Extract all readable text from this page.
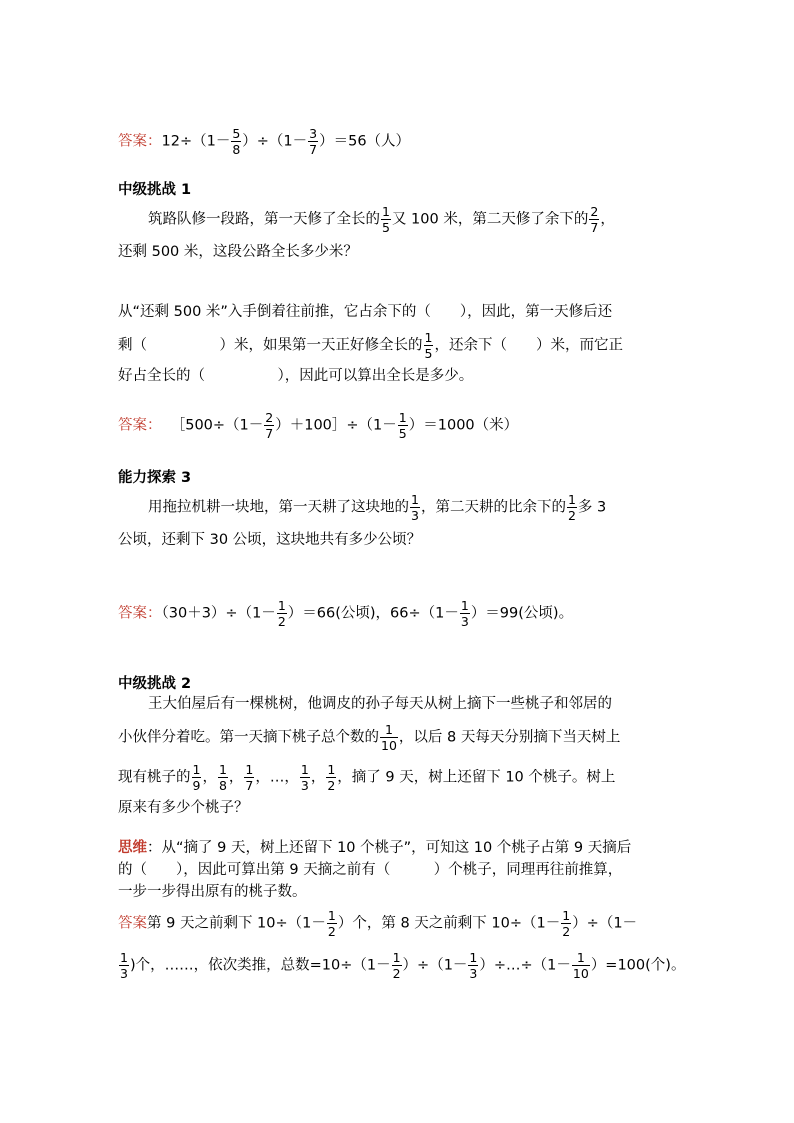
答案：$12\div(1- \frac{5}{8} )\div(1- \frac{3}{7} )=56$（人）
中级挑战 1
筑路队修一段路，第一天修了全长的 $\frac{1}{5}$ 又 100 米，第二天修了余下的 $\frac{2}{7}$ ，
还剩 500 米，这段公路全长多少米？
从“还剩 500 米”入手倒着往前推，它占余下的（　　），因此，第一天修后还
剩（　　　　　）米，如果第一天正好修全长的 $\frac{1}{5}$ ，还余下（　　）米，而它正
好占全长的（　　　　　），因此可以算出全长是多少。
答案： ［500÷（1－ $\frac{2}{7}$ ）＋100］÷（1－ $\frac{1}{5} )=1000$（米）
能力探索 3
用拖拉机耕一块地，第一天耕了这块地的 $\frac{1}{3}$ ，第二天耕的比余下的 $\frac{1}{2}$ 多 3
公顷，还剩下 30 公顷，这块地共有多少公顷？
答案：$(30+3)\div(1- \frac{1}{2} )=66$(公顷)，$66\div(1- \frac{1}{3} )=99$(公顷)。
中级挑战 2
王大伯屋后有一棵桃树，他调皮的孙子每天从树上摘下一些桃子和邻居的
小伙伴分着吃。第一天摘下桃子总个数的 $\frac{1}{10}$ ，以后 8 天每天分别摘下当天树上
现有桃子的 $\frac{1}{9}$ ， $\frac{1}{8}$ ， $\frac{1}{7}$ ，…， $\frac{1}{3}$ ， $\frac{1}{2}$ ，摘了 9 天，树上还留下 10 个桃子。树上
原来有多少个桃子？
思维：从“摘了 9 天，树上还留下 10 个桃子”，可知这 10 个桃子占第 9 天摘后
的（　　），因此可算出第 9 天摘之前有（　　　）个桃子，同理再往前推算，
一步一步得出原有的桃子数。
答案第 9 天之前剩下 $10\div(1- \frac{1}{2}$ ）个，第 8 天之前剩下 $10\div(1- \frac{1}{2} )\div(1-$
$\frac{1}{3}$ )个，……，依次类推，总数$=10\div(1- \frac{1}{2} )\div(1- \frac{1}{3}$ ）÷…÷（1－ $\frac{1}{10} )=100$(个)。
